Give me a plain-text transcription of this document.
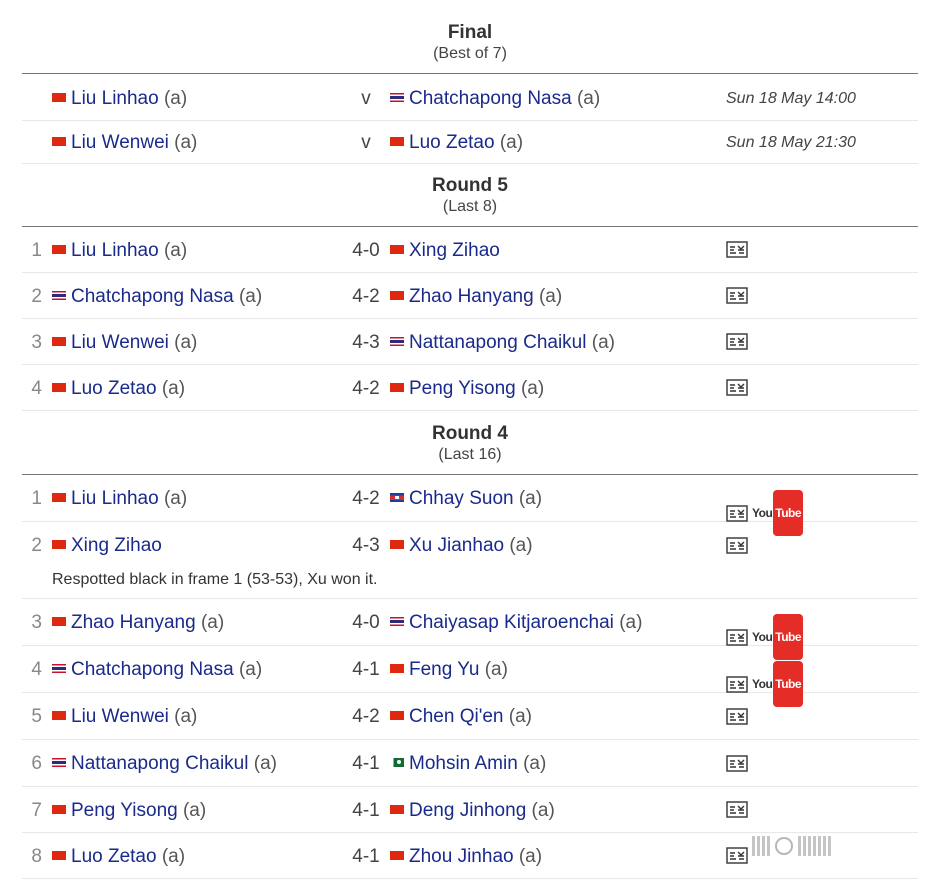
Final
(Best of 7)
Liu Linhao (a)	v	Chatchapong Nasa (a)	Sun 18 May 14:00
Liu Wenwei (a)	v	Luo Zetao (a)	Sun 18 May 21:30
Round 5
(Last 8)
1	Liu Linhao (a)	4-0	Xing Zihao
2	Chatchapong Nasa (a)	4-2	Zhao Hanyang (a)
3	Liu Wenwei (a)	4-3	Nattanapong Chaikul (a)
4	Luo Zetao (a)	4-2	Peng Yisong (a)
Round 4
(Last 16)
1	Liu Linhao (a)	4-2	Chhay Suon (a)
You Tube
2	Xing Zihao	4-3	Xu Jianhao (a)
Respotted black in frame 1 (53-53), Xu won it.
3	Zhao Hanyang (a)	4-0	Chaiyasap Kitjaroenchai (a)
You Tube
4	Chatchapong Nasa (a)	4-1	Feng Yu (a)
You Tube
5	Liu Wenwei (a)	4-2	Chen Qi'en (a)
6	Nattanapong Chaikul (a)	4-1	Mohsin Amin (a)
7	Peng Yisong (a)	4-1	Deng Jinhong (a)
8	Luo Zetao (a)	4-1	Zhou Jinhao (a)
